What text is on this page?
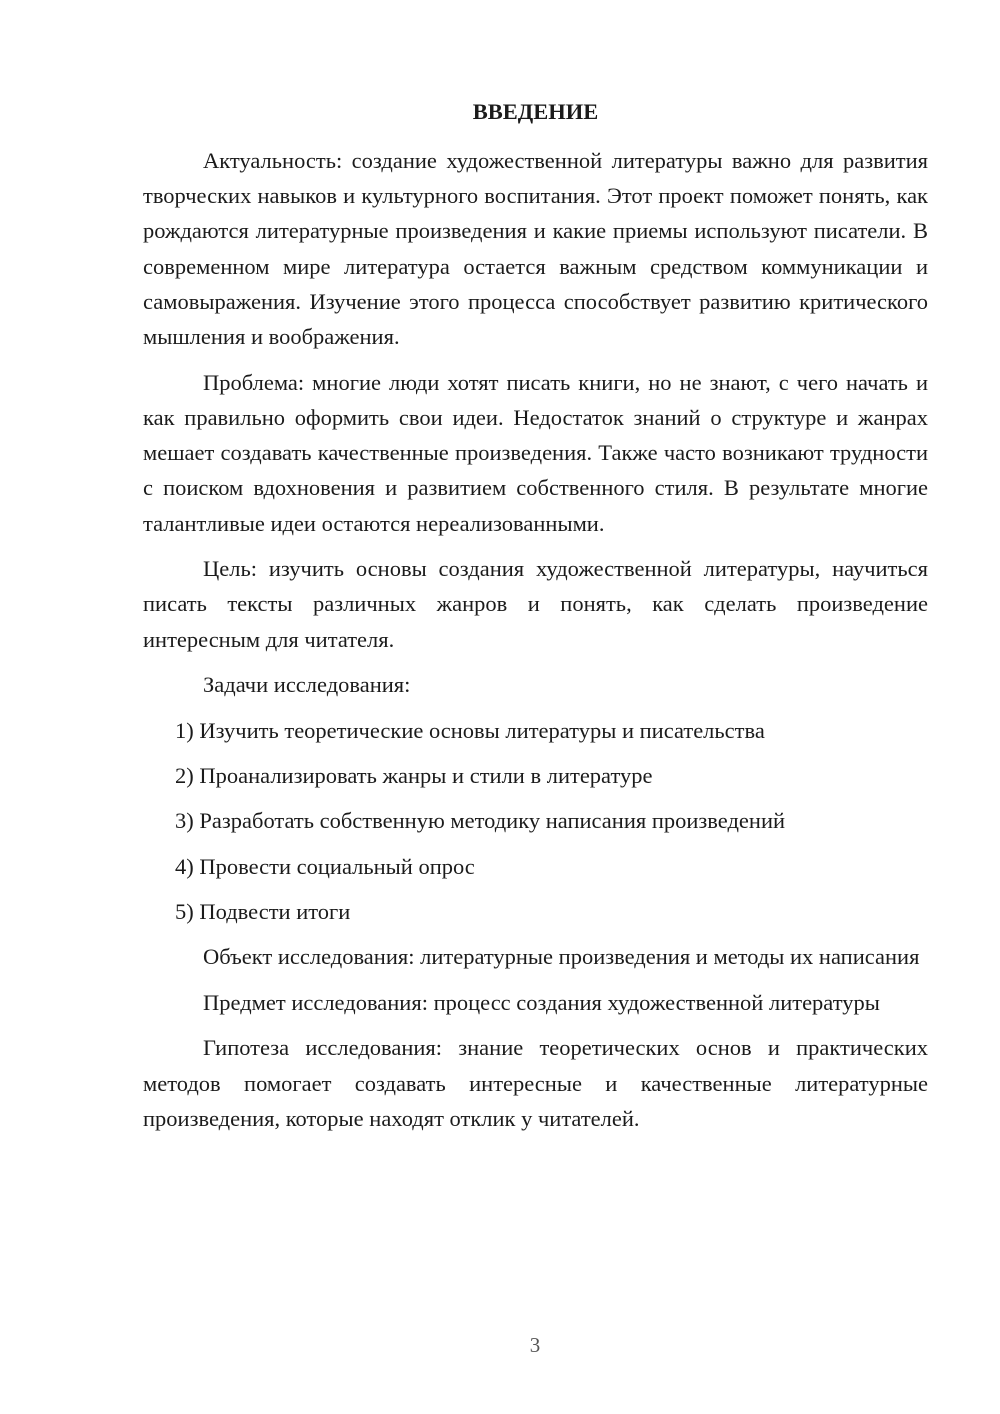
ВВЕДЕНИЕ

Актуальность: создание художественной литературы важно для развития творческих навыков и культурного воспитания. Этот проект поможет понять, как рождаются литературные произведения и какие приемы используют писатели. В современном мире литература остается важным средством коммуникации и самовыражения. Изучение этого процесса способствует развитию критического мышления и воображения.

Проблема: многие люди хотят писать книги, но не знают, с чего начать и как правильно оформить свои идеи. Недостаток знаний о структуре и жанрах мешает создавать качественные произведения. Также часто возникают трудности с поиском вдохновения и развитием собственного стиля. В результате многие талантливые идеи остаются нереализованными.

Цель: изучить основы создания художественной литературы, научиться писать тексты различных жанров и понять, как сделать произведение интересным для читателя.

Задачи исследования:

1) Изучить теоретические основы литературы и писательства
2) Проанализировать жанры и стили в литературе
3) Разработать собственную методику написания произведений
4) Провести социальный опрос
5) Подвести итоги

Объект исследования: литературные произведения и методы их написания

Предмет исследования: процесс создания художественной литературы

Гипотеза исследования: знание теоретических основ и практических методов помогает создавать интересные и качественные литературные произведения, которые находят отклик у читателей.

3
